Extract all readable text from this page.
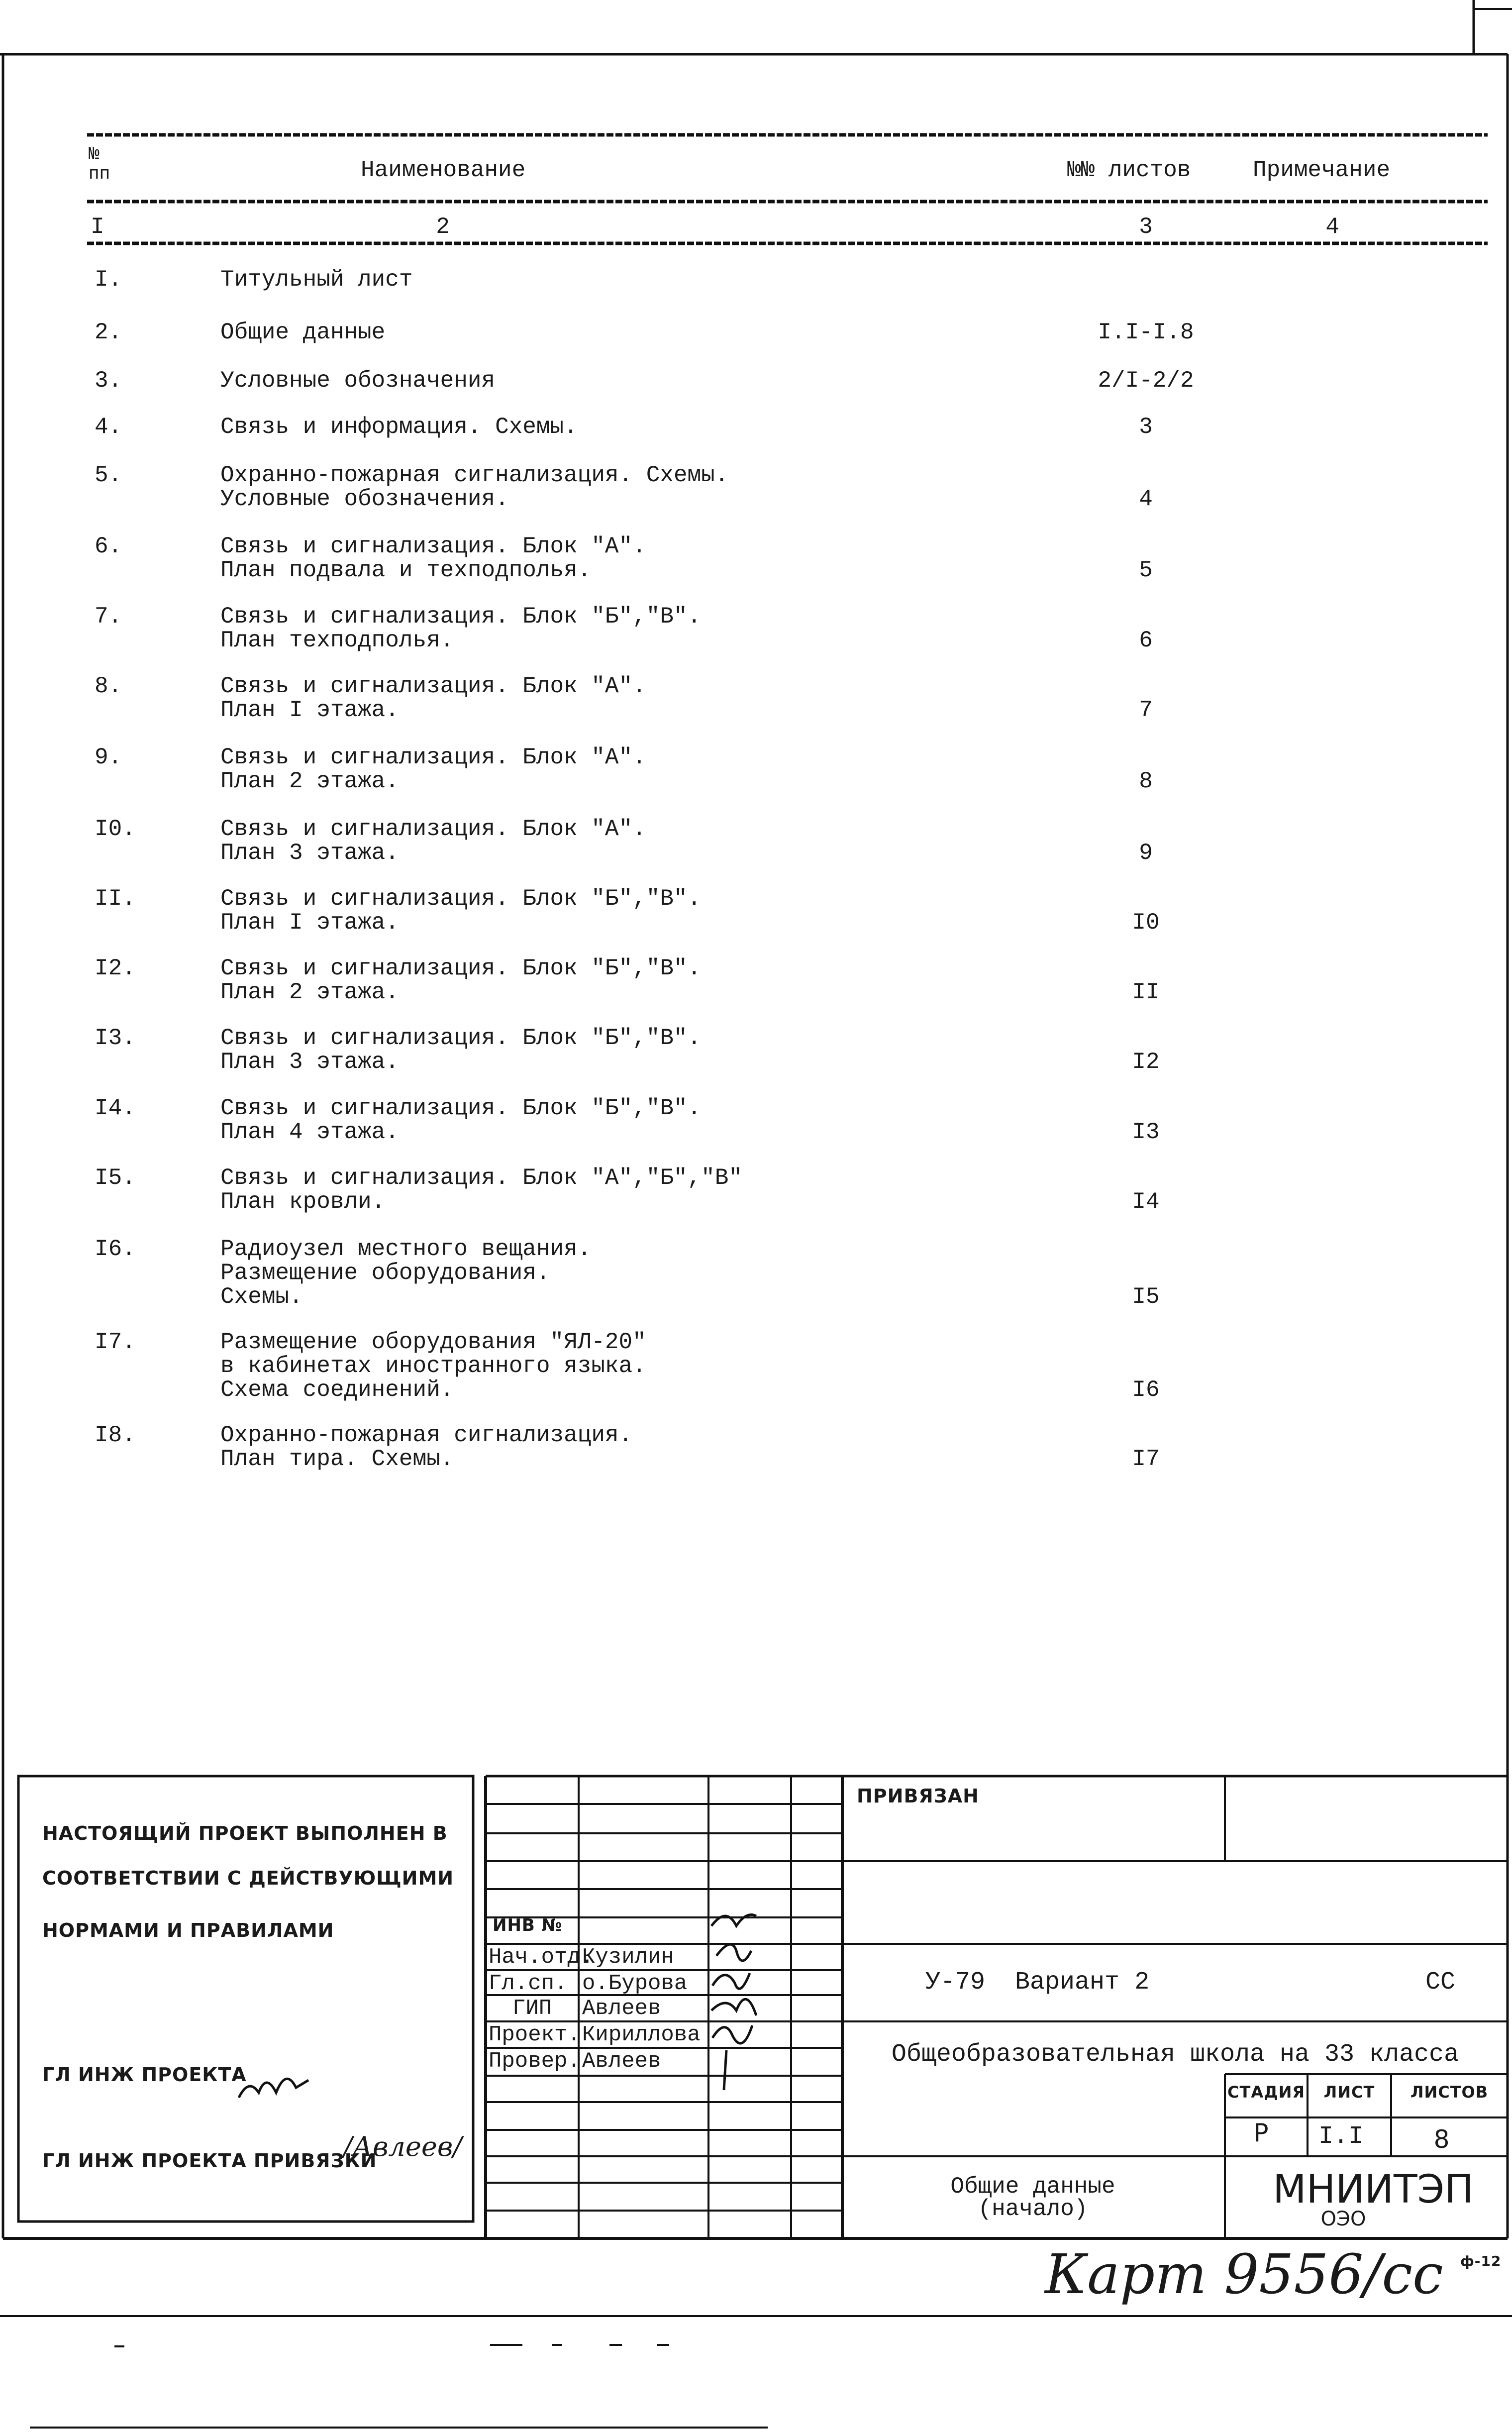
№
пп	Наименование	№№ листов	Примечание
I	2	3	4
I.	Титульный лист
2.	Общие данные	I.I-I.8
3.	Условные обозначения	2/I-2/2
4.	Связь и информация. Схемы.	3
5.	Охранно-пожарная сигнализация. Схемы.
Условные обозначения.	4
6.	Связь и сигнализация. Блок "А".
План подвала и техподполья.	5
7.	Связь и сигнализация. Блок "Б","В".
План техподполья.	6
8.	Связь и сигнализация. Блок "А".
План I этажа.	7
9.	Связь и сигнализация. Блок "А".
План 2 этажа.	8
I0.	Связь и сигнализация. Блок "А".
План 3 этажа.	9
II.	Связь и сигнализация. Блок "Б","В".
План I этажа.	I0
I2.	Связь и сигнализация. Блок "Б","В".
План 2 этажа.	II
I3.	Связь и сигнализация. Блок "Б","В".
План 3 этажа.	I2
I4.	Связь и сигнализация. Блок "Б","В".
План 4 этажа.	I3
I5.	Связь и сигнализация. Блок "А","Б","В"
План кровли.	I4
I6.	Радиоузел местного вещания.
Размещение оборудования.
Схемы.	I5
I7.	Размещение оборудования "ЯЛ-20"
в кабинетах иностранного языка.
Схема соединений.	I6
I8.	Охранно-пожарная сигнализация.
План тира. Схемы.	I7
НАСТОЯЩИЙ ПРОЕКТ ВЫПОЛНЕН В
СООТВЕТСТВИИ С ДЕЙСТВУЮЩИМИ
НОРМАМИ И ПРАВИЛАМИ
ГЛ ИНЖ ПРОЕКТА
/Авлеев/
ГЛ ИНЖ ПРОЕКТА ПРИВЯЗКИ
ИНВ №
Нач.отд.
Кузилин
Гл.сп. о.Бурова
ГИП Авлеев
Проект. Кириллова
Провер. Авлеев
ПРИВЯЗАН
У-79  Вариант 2	СС
Общеобразовательная школа на 33 класса
СТАДИЯ ЛИСТ ЛИСТОВ
Р I.I	8
Общие данные
(начало)	МНИИТЭП
ОЭО
Карт 9556/сс ф-12
